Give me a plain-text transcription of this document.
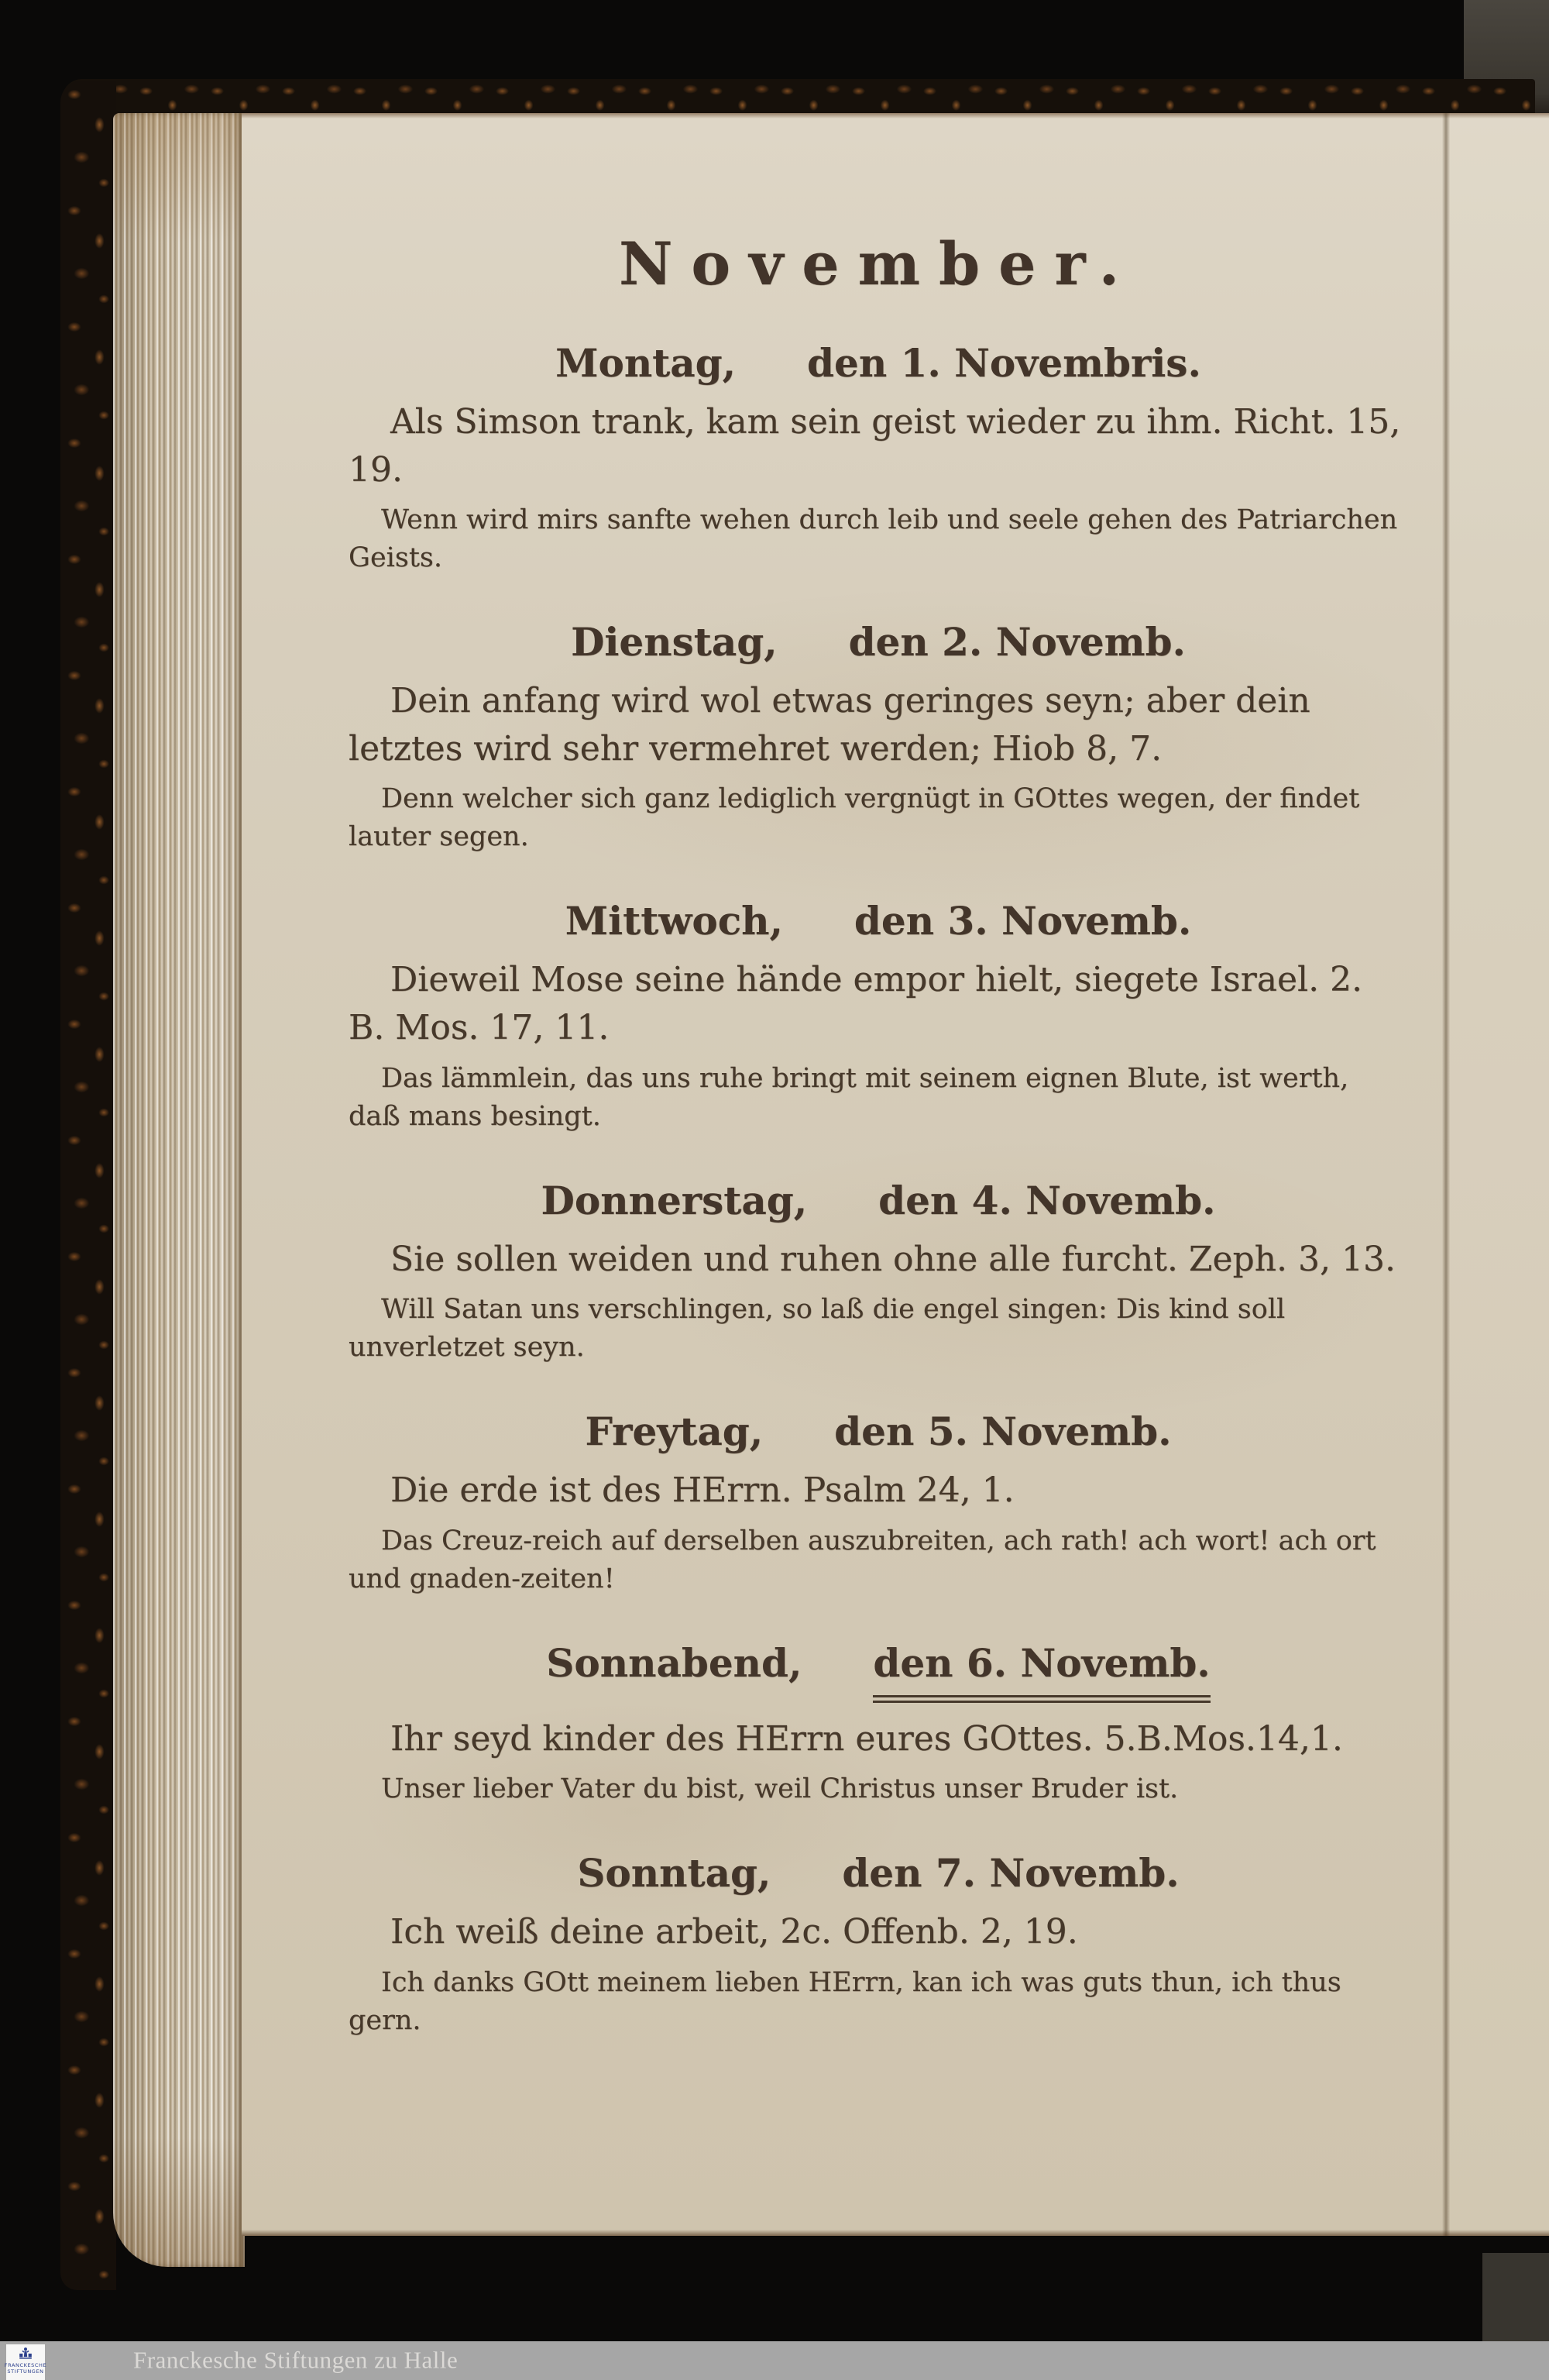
November.
Montag, den 1. Novembris.

Als Simson trank, kam sein geist wieder zu ihm. Richt. 15, 19.

Wenn wird mirs sanfte wehen durch leib und seele gehen des Patriarchen Geists.

Dienstag, den 2. Novemb.

Dein anfang wird wol etwas geringes seyn; aber dein letztes wird sehr vermehret werden; Hiob 8, 7.

Denn welcher sich ganz lediglich vergnügt in GOttes wegen, der findet lauter segen.

Mittwoch, den 3. Novemb.

Dieweil Mose seine hände empor hielt, siegete Israel. 2. B. Mos. 17, 11.

Das lämmlein, das uns ruhe bringt mit seinem eignen Blute, ist werth, daß mans besingt.

Donnerstag, den 4. Novemb.

Sie sollen weiden und ruhen ohne alle furcht. Zeph. 3, 13.

Will Satan uns verschlingen, so laß die engel singen: Dis kind soll unverletzet seyn.

Freytag, den 5. Novemb.

Die erde ist des HErrn. Psalm 24, 1.

Das Creuz-reich auf derselben auszubreiten, ach rath! ach wort! ach ort und gnaden-zeiten!

Sonnabend, den 6. Novemb.

Ihr seyd kinder des HErrn eures GOttes. 5.B.Mos.14,1.

Unser lieber Vater du bist, weil Christus unser Bruder ist.

Sonntag, den 7. Novemb.

Ich weiß deine arbeit, 2c. Offenb. 2, 19.

Ich danks GOtt meinem lieben HErrn, kan ich was guts thun, ich thus gern.

Franckesche Stiftungen zu Halle
FRANCKESCHE
STIFTUNGEN
